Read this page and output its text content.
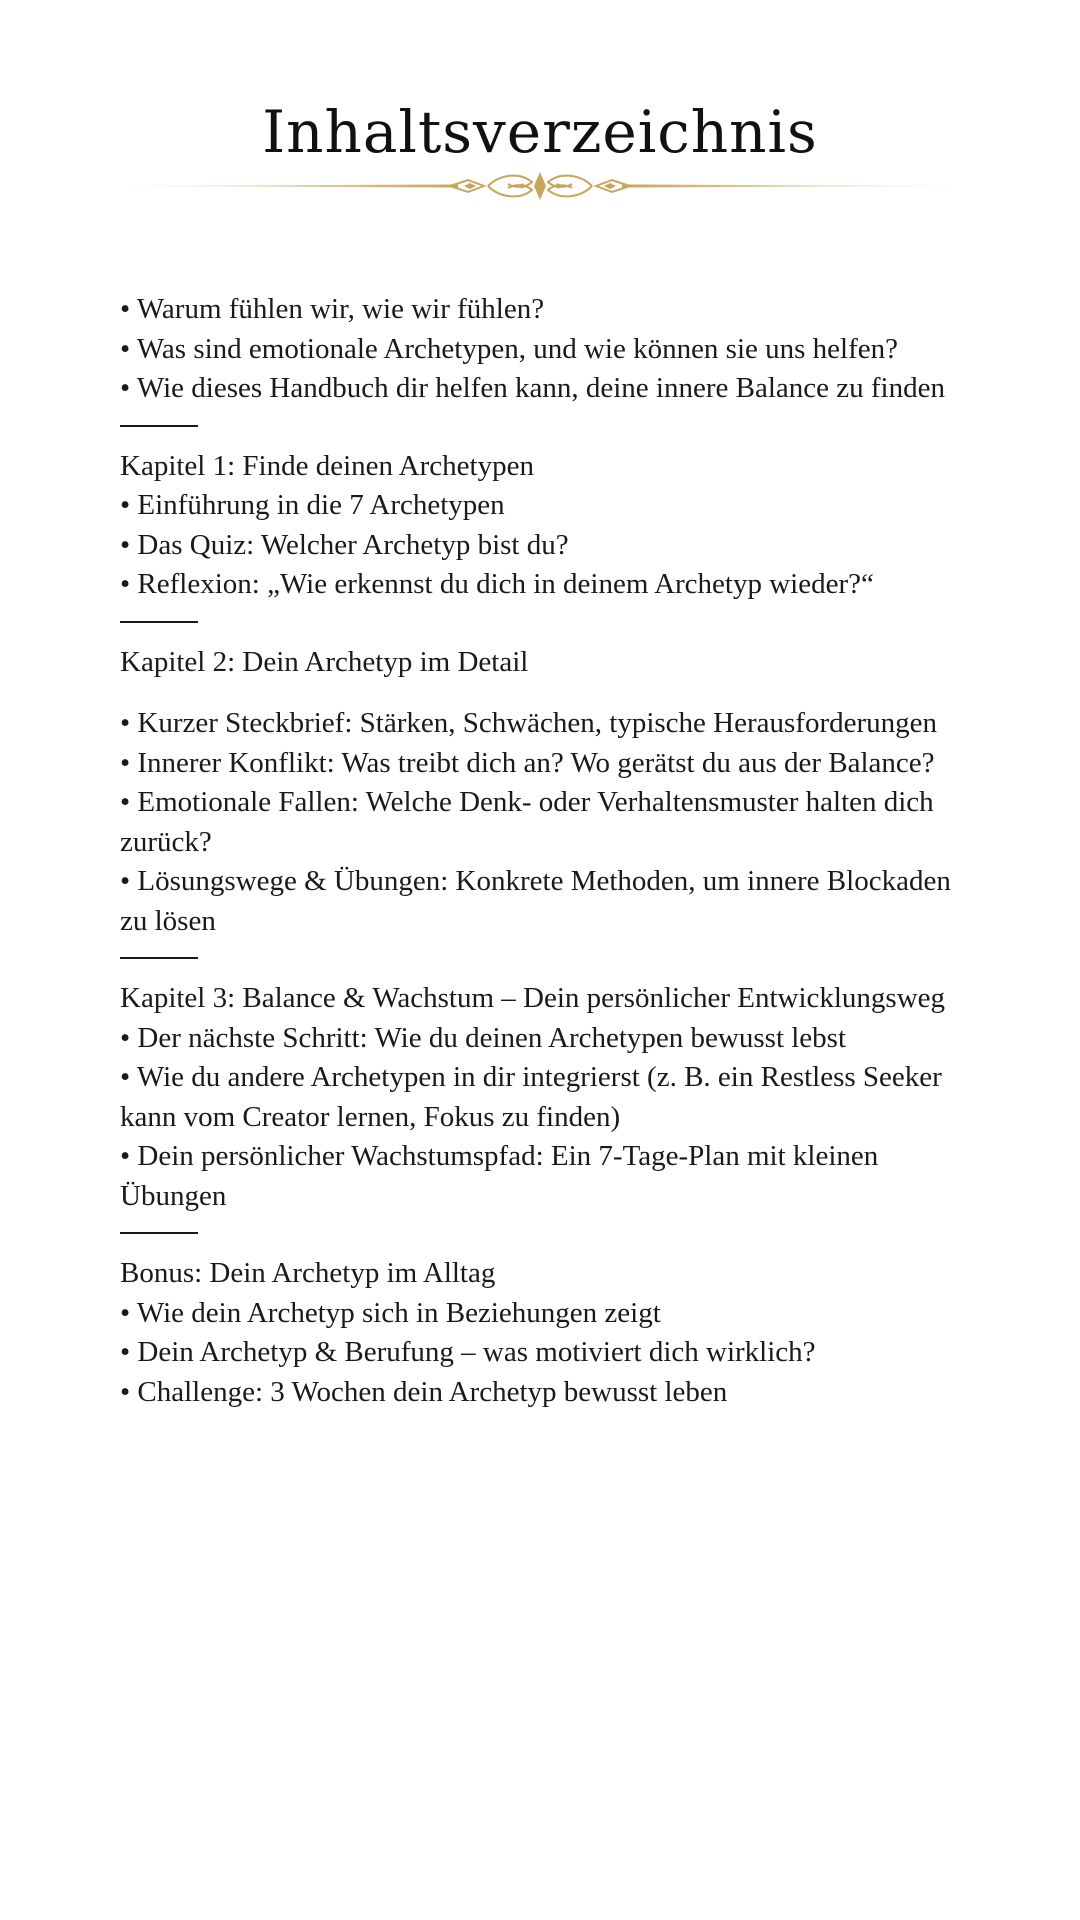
Inhaltsverzeichnis
• Warum fühlen wir, wie wir fühlen?
• Was sind emotionale Archetypen, und wie können sie uns helfen?
• Wie dieses Handbuch dir helfen kann, deine innere Balance zu finden
Kapitel 1: Finde deinen Archetypen
• Einführung in die 7 Archetypen
• Das Quiz: Welcher Archetyp bist du?
• Reflexion: „Wie erkennst du dich in deinem Archetyp wieder?“
Kapitel 2: Dein Archetyp im Detail
• Kurzer Steckbrief: Stärken, Schwächen, typische Herausforderungen
• Innerer Konflikt: Was treibt dich an? Wo gerätst du aus der Balance?
• Emotionale Fallen: Welche Denk- oder Verhaltensmuster halten dich zurück?
• Lösungswege & Übungen: Konkrete Methoden, um innere Blockaden zu lösen
Kapitel 3: Balance & Wachstum – Dein persönlicher Entwicklungsweg
• Der nächste Schritt: Wie du deinen Archetypen bewusst lebst
• Wie du andere Archetypen in dir integrierst (z. B. ein Restless Seeker kann vom Creator lernen, Fokus zu finden)
• Dein persönlicher Wachstumspfad: Ein 7-Tage-Plan mit kleinen Übungen
Bonus: Dein Archetyp im Alltag
• Wie dein Archetyp sich in Beziehungen zeigt
• Dein Archetyp & Berufung – was motiviert dich wirklich?
• Challenge: 3 Wochen dein Archetyp bewusst leben
